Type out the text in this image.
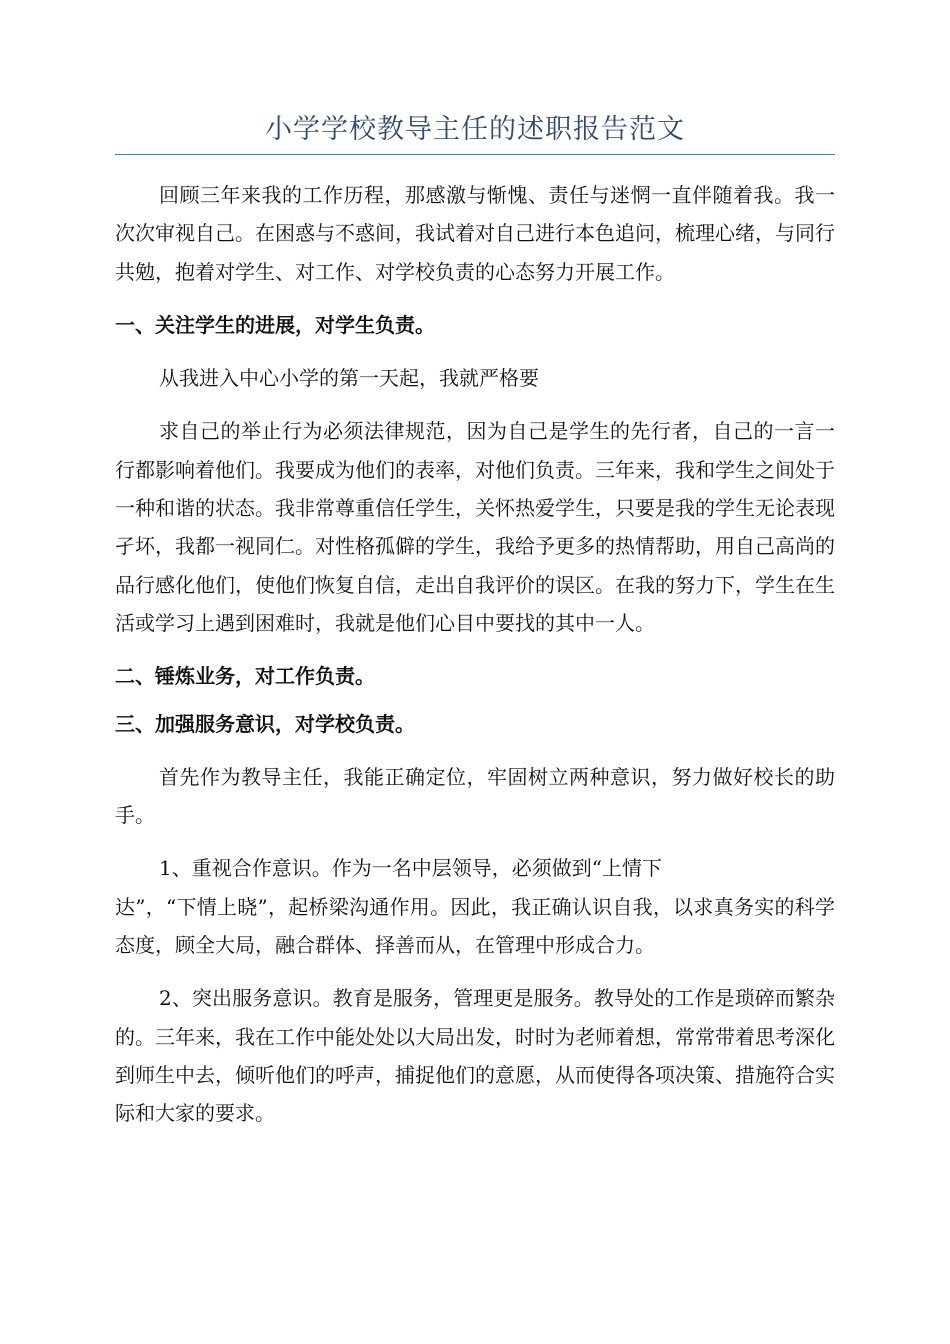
小学学校教导主任的述职报告范文

回顾三年来我的工作历程，那感激与惭愧、责任与迷惘一直伴随着我。我一次次审视自己。在困惑与不惑间，我试着对自己进行本色追问，梳理心绪，与同行共勉，抱着对学生、对工作、对学校负责的心态努力开展工作。

一、关注学生的进展，对学生负责。

从我进入中心小学的第一天起，我就严格要

求自己的举止行为必须法律规范，因为自己是学生的先行者，自己的一言一行都影响着他们。我要成为他们的表率，对他们负责。三年来，我和学生之间处于一种和谐的状态。我非常尊重信任学生，关怀热爱学生，只要是我的学生无论表现孑坏，我都一视同仁。对性格孤僻的学生，我给予更多的热情帮助，用自己高尚的品行感化他们，使他们恢复自信，走出自我评价的误区。在我的努力下，学生在生活或学习上遇到困难时，我就是他们心目中要找的其中一人。

二、锤炼业务，对工作负责。

三、加强服务意识，对学校负责。

首先作为教导主任，我能正确定位，牢固树立两种意识，努力做好校长的助手。

1、重视合作意识。作为一名中层领导，必须做到“上情下

达”，“下情上晓”，起桥梁沟通作用。因此，我正确认识自我，以求真务实的科学态度，顾全大局，融合群体、择善而从，在管理中形成合力。

2、突出服务意识。教育是服务，管理更是服务。教导处的工作是琐碎而繁杂的。三年来，我在工作中能处处以大局出发，时时为老师着想，常常带着思考深化到师生中去，倾听他们的呼声，捕捉他们的意愿，从而使得各项决策、措施符合实际和大家的要求。
